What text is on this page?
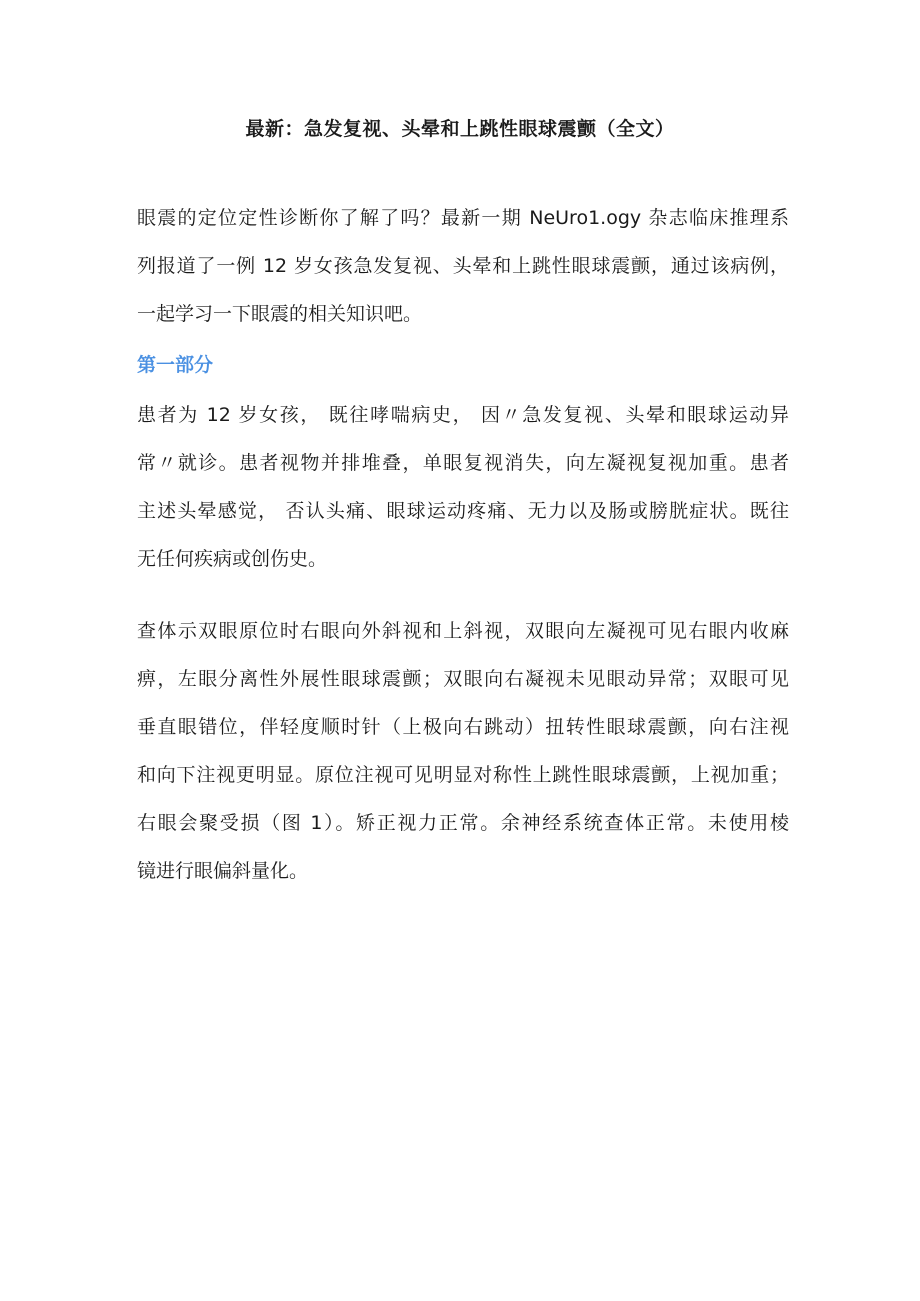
最新：急发复视、头晕和上跳性眼球震颤（全文）
眼震的定位定性诊断你了解了吗？最新一期 NeUro1.ogy 杂志临床推理系
列报道了一例 12 岁女孩急发复视、头晕和上跳性眼球震颤，通过该病例，
一起学习一下眼震的相关知识吧。
第一部分
患者为 12 岁女孩， 既往哮喘病史， 因〃急发复视、头晕和眼球运动异
常〃就诊。患者视物并排堆叠，单眼复视消失，向左凝视复视加重。患者
主述头晕感觉， 否认头痛、眼球运动疼痛、无力以及肠或膀胱症状。既往
无任何疾病或创伤史。
查体示双眼原位时右眼向外斜视和上斜视，双眼向左凝视可见右眼内收麻
痹，左眼分离性外展性眼球震颤；双眼向右凝视未见眼动异常；双眼可见
垂直眼错位，伴轻度顺时针（上极向右跳动）扭转性眼球震颤，向右注视
和向下注视更明显。原位注视可见明显对称性上跳性眼球震颤，上视加重；
右眼会聚受损（图 1）。矫正视力正常。余神经系统查体正常。未使用棱
镜进行眼偏斜量化。
